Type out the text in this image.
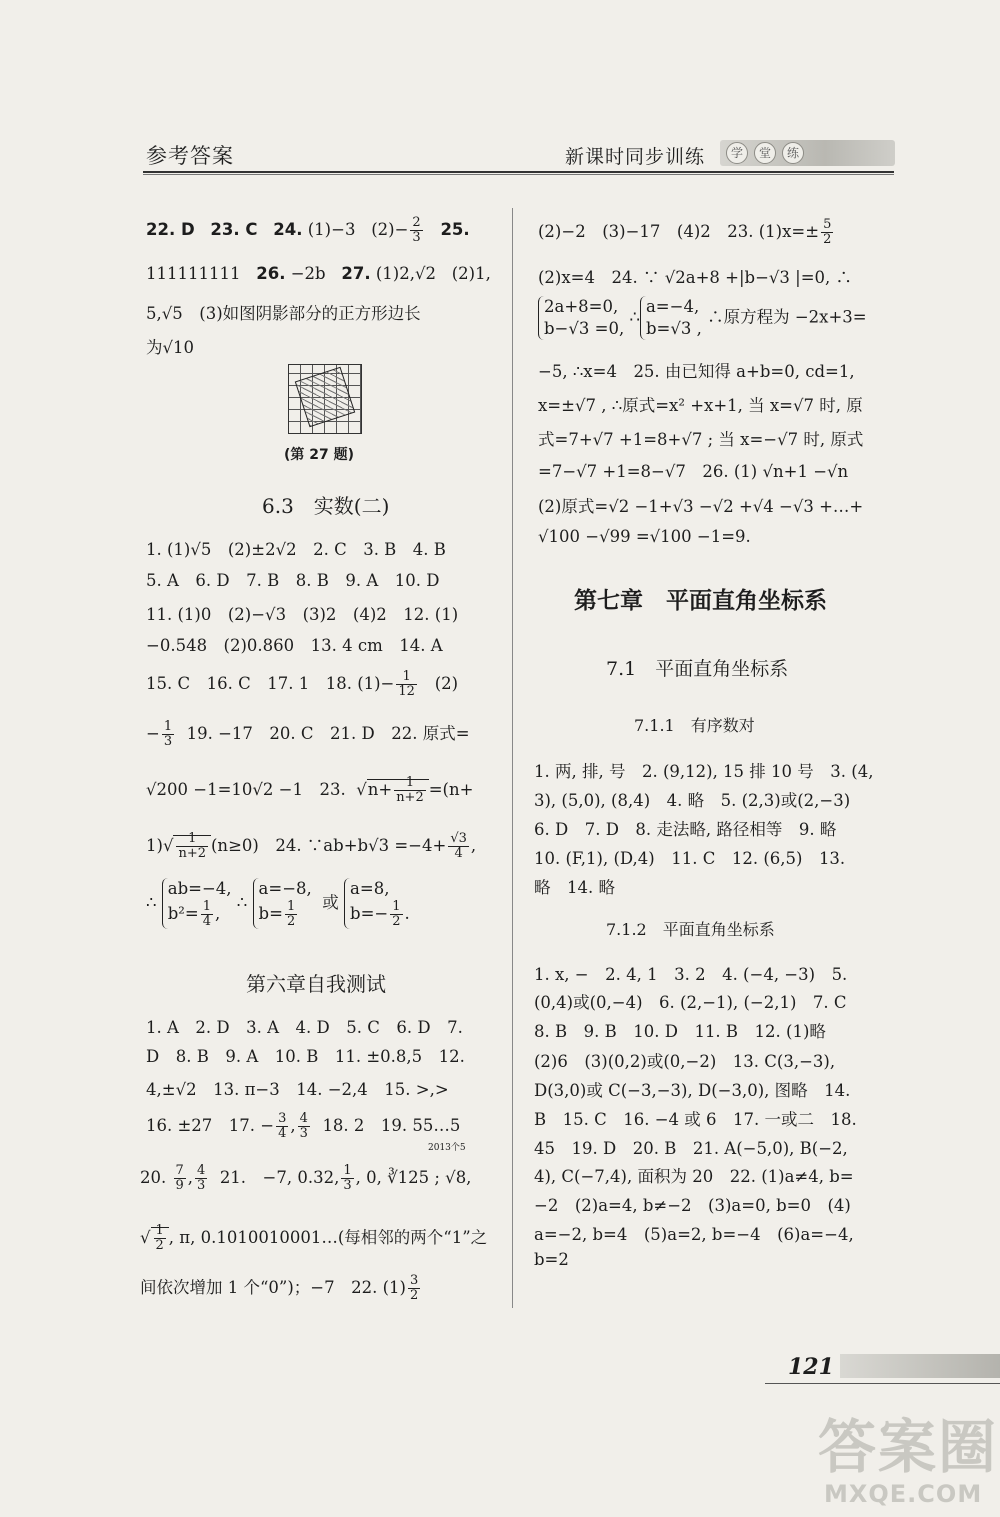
参考答案	新课时同步训练	学	堂	练
22. D 23. C 24. (1)−3 $(2)- \frac{2}{3} 25$.
111111111 26. −2b 27. (1)2,√2 (2)1,
5,√5　(3)如图阴影部分的正方形边长
为√10
(第 27 题)
6.3　实数(二)
1. (1)√5　(2)±2√2　2. C　3. B　4. B
5. A　6. D　7. B　8. B　9. A　10. D
11. (1)0　(2)−√3　(3)2　(4)2　12. (1)
−0.548　(2)0.860　13. 4 cm　14. A
15. C　16. C　17. 1　18. $(1)- \frac{1}{12} (2)$
− $\frac{1}{3} 19$. −17　20. C　21. D　22. 原式=
√200 −1=10√2 −1　23.  $√n+ \frac{1}{n+2} =(n+$
$1)√ \frac{1}{n+2} (n\ge 0)$　24. ∵ab+b√3 $=-4+ \frac{√3}{4}$ ,
∴ ab=−4,
$b^2= \frac{1}{4}$ , ∴ a=−8,
$b= \frac{1}{2}$ 或 a=8,
$b=- \frac{1}{2}$ .
第六章自我测试
1. A　2. D　3. A　4. D　5. C　6. D　7.
D　8. B　9. A　10. B　11. ±0.8,5　12.
4,±√2　13. π−3　14. −2,4　15. >,>
16. ±27　17. − $\frac{3}{4}$ , $\frac{4}{3} 18$. 2　19. 55…5
2013个5
20. $\frac{7}{9}$ , $\frac{4}{3} 21$.　−7, 0.32, $\frac{1}{3}$ , 0, ∛125 ; √8,
√ $\frac{1}{2}$ , π, 0.1010010001…(每相邻的两个“1”之
间依次增加 1 个“0”)；−7　22. $(1) \frac{3}{2}$
(2)−2　(3)−17　(4)2　23. $(1)x=\pm \frac{5}{2}$
(2)x=4　24. ∵ √2a+8 +|b−√3 |=0, ∴
2a+8=0,
b−√3 =0, ∴a=−4,
b=√3 , ∴原方程为 −2x+3=
−5, ∴x=4　25. 由已知得 a+b=0, cd=1,
x=±√7 , ∴原式=x² +x+1, 当 x=√7 时, 原
式=7+√7 +1=8+√7 ; 当 x=−√7 时, 原式
=7−√7 +1=8−√7　26. (1) √n+1 −√n
(2)原式=√2 −1+√3 −√2 +√4 −√3 +…+
√100 −√99 =√100 −1=9.
第七章　平面直角坐标系
7.1　平面直角坐标系
7.1.1　有序数对
1. 两, 排, 号　2. (9,12), 15 排 10 号　3. (4,
3), (5,0), (8,4)　4. 略　5. (2,3)或(2,−3)
6. D　7. D　8. 走法略, 路径相等　9. 略
10. (F,1), (D,4)　11. C　12. (6,5)　13.
略　14. 略
7.1.2　平面直角坐标系
1. x, −　2. 4, 1　3. 2　4. (−4, −3)　5.
(0,4)或(0,−4)　6. (2,−1), (−2,1)　7. C
8. B　9. B　10. D　11. B　12. (1)略
(2)6　(3)(0,2)或(0,−2)　13. C(3,−3),
D(3,0)或 C(−3,−3), D(−3,0), 图略　14.
B　15. C　16. −4 或 6　17. 一或二　18.
45　19. D　20. B　21. A(−5,0), B(−2,
4), C(−7,4), 面积为 20　22. (1)a≠4, b=
−2　(2)a=4, b≠−2　(3)a=0, b=0　(4)
a=−2, b=4　(5)a=2, b=−4　(6)a=−4,
b=2
121
答案圈
MXQE.COM
